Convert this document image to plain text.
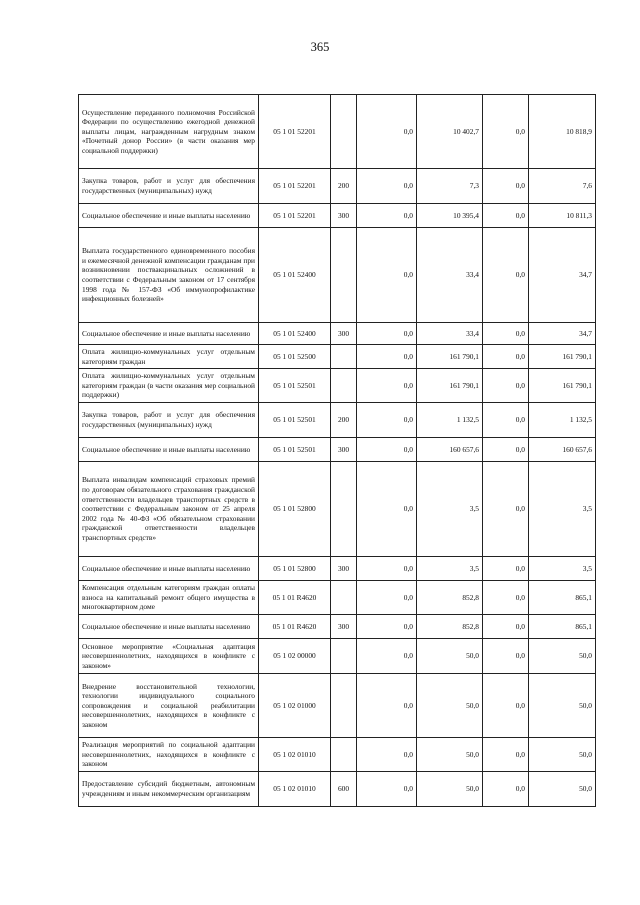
365
Осуществление переданного полномочия Российской Федерации по осуществлению ежегодной денежной выплаты лицам, награжденным нагрудным знаком «Почетный донор России» (в части оказания мер социальной поддержки)	05 1 01 52201		0,0	10 402,7	0,0	10 818,9
Закупка товаров, работ и услуг для обеспечения государственных (муниципальных) нужд	05 1 01 52201	200	0,0	7,3	0,0	7,6
Социальное обеспечение и иные выплаты населению	05 1 01 52201	300	0,0	10 395,4	0,0	10 811,3
Выплата государственного единовременного пособия и ежемесячной денежной компенсации гражданам при возникновении поствакцинальных осложнений в соответствии с Федеральным законом от 17 сентября 1998 года № 157-ФЗ «Об иммунопрофилактике инфекционных болезней»	05 1 01 52400		0,0	33,4	0,0	34,7
Социальное обеспечение и иные выплаты населению	05 1 01 52400	300	0,0	33,4	0,0	34,7
Оплата жилищно-коммунальных услуг отдельным категориям граждан	05 1 01 52500		0,0	161 790,1	0,0	161 790,1
Оплата жилищно-коммунальных услуг отдельным категориям граждан (в части оказания мер социальной поддержки)	05 1 01 52501		0,0	161 790,1	0,0	161 790,1
Закупка товаров, работ и услуг для обеспечения государственных (муниципальных) нужд	05 1 01 52501	200	0,0	1 132,5	0,0	1 132,5
Социальное обеспечение и иные выплаты населению	05 1 01 52501	300	0,0	160 657,6	0,0	160 657,6
Выплата инвалидам компенсаций страховых премий по договорам обязательного страхования гражданской ответственности владельцев транспортных средств в соответствии с Федеральным законом от 25 апреля 2002 года № 40-ФЗ «Об обязательном страховании гражданской ответственности владельцев транспортных средств»	05 1 01 52800		0,0	3,5	0,0	3,5
Социальное обеспечение и иные выплаты населению	05 1 01 52800	300	0,0	3,5	0,0	3,5
Компенсация отдельным категориям граждан оплаты взноса на капитальный ремонт общего имущества в многоквартирном доме	05 1 01 R4620		0,0	852,8	0,0	865,1
Социальное обеспечение и иные выплаты населению	05 1 01 R4620	300	0,0	852,8	0,0	865,1
Основное мероприятие «Социальная адаптация несовершеннолетних, находящихся в конфликте с законом»	05 1 02 00000		0,0	50,0	0,0	50,0
Внедрение восстановительной технологии, технологии индивидуального социального сопровождения и социальной реабилитации несовершеннолетних, находящихся в конфликте с законом	05 1 02 01000		0,0	50,0	0,0	50,0
Реализация мероприятий по социальной адаптации несовершеннолетних, находящихся в конфликте с законом	05 1 02 01010		0,0	50,0	0,0	50,0
Предоставление субсидий бюджетным, автономным учреждениям и иным некоммерческим организациям	05 1 02 01010	600	0,0	50,0	0,0	50,0
